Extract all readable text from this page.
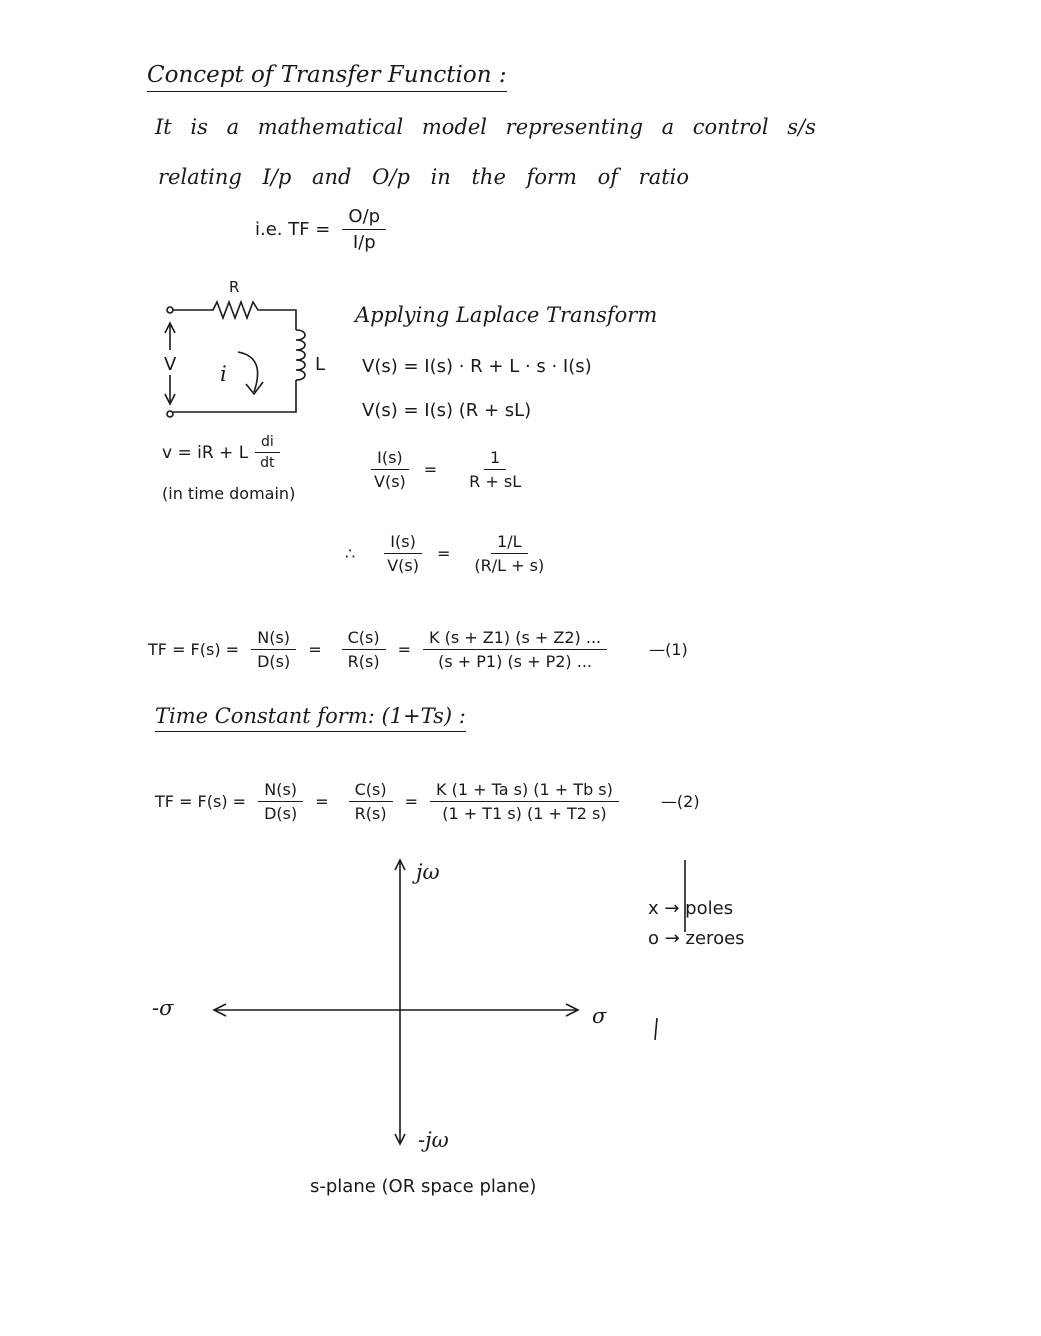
Concept of Transfer Function :
It is a mathematical model representing a control s/s
relating I/p and O/p in the form of ratio
i.e. TF = $\frac{O/p}{I/p}$
R
L
V i
v = iR + L
di
dt
(in time domain)
Applying Laplace Transform
V(s) = I(s) · R + L · s · I(s)
V(s) = I(s) (R + sL)
$\frac{I(s)}{V(s)} = \frac{1}{R + sL}$
∴ $\frac{I(s)}{V(s)} = \frac{1/L}{(R/L + s)}$
TF = $F(s) = \frac{N(s)}{D(s)} = \frac{C(s)}{R(s)} = \frac{K (s + Z1) (s + Z2) ...}{(s + P1) (s + P2) ...}$	—(1)
Time Constant form: (1+Ts) :
TF = $F(s) = \frac{N(s)}{D(s)} = \frac{C(s)}{R(s)} = \frac{\text{K (1 + Ta s) (1 + Tb s)}}{(1 + T1 s) (1 + T2 s)}$	—(2)
jω
-jω
-σ	σ
x → poles
o → zeroes
s-plane (OR space plane)
